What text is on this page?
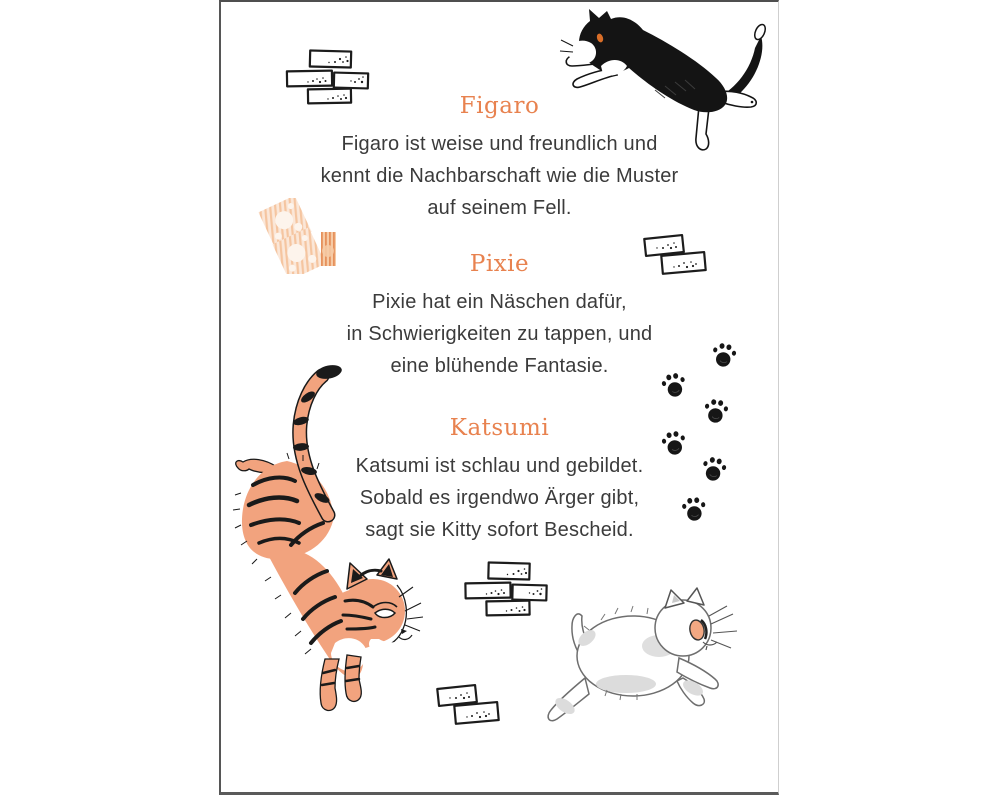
Figaro

Figaro ist weise und freundlich und

kennt die Nachbarschaft wie die Muster

auf seinem Fell.

Pixie

Pixie hat ein Näschen dafür,

in Schwierigkeiten zu tappen, und

eine blühende Fantasie.

Katsumi

Katsumi ist schlau und gebildet.

Sobald es irgendwo Ärger gibt,

sagt sie Kitty sofort Bescheid.
